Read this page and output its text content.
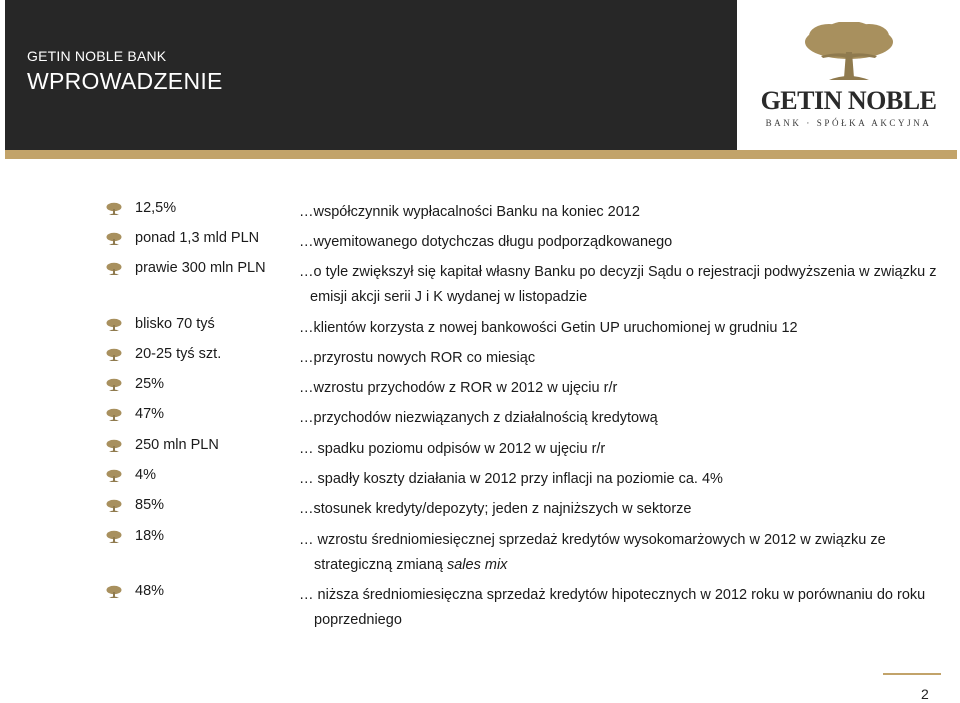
GETIN NOBLE BANK
WPROWADZENIE
GETIN NOBLE
BANK · SPÓŁKA AKCYJNA
12,5%	…współczynnik wypłacalności Banku na koniec 2012
ponad 1,3 mld PLN	…wyemitowanego dotychczas długu podporządkowanego
prawie 300 mln PLN …o tyle zwiększył się kapitał własny Banku po decyzji Sądu o rejestracji podwyższenia w związku z
emisji akcji serii J i K wydanej w listopadzie
blisko 70 tyś	…klientów korzysta z nowej bankowości Getin UP uruchomionej w grudniu 12
20-25 tyś szt.	…przyrostu nowych ROR co miesiąc
25%	…wzrostu przychodów z ROR w 2012 w ujęciu r/r
47%	…przychodów niezwiązanych z działalnością kredytową
250 mln PLN	… spadku poziomu odpisów w 2012 w ujęciu r/r
4%	… spadły koszty działania w 2012 przy inflacji na poziomie ca. 4%
85%	…stosunek kredyty/depozyty; jeden z najniższych w sektorze
18%	… wzrostu średniomiesięcznej sprzedaż kredytów wysokomarżowych w 2012 w związku ze
strategiczną zmianą sales mix
48%	… niższa średniomiesięczna sprzedaż kredytów hipotecznych w 2012 roku w porównaniu do roku
poprzedniego
2
